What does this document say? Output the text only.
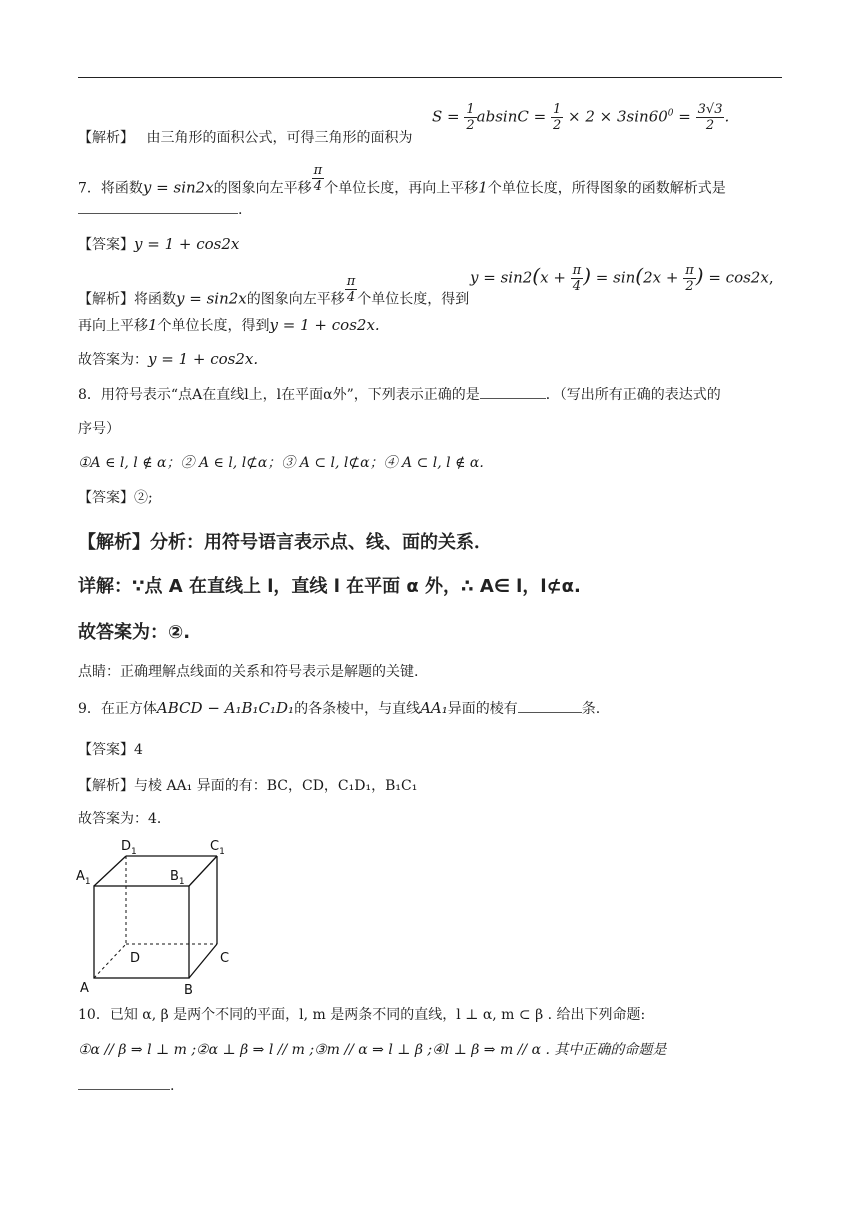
【解析】 由三角形的面积公式，可得三角形的面积为
$S = \frac{1}{2}$ $absinC = \frac{1}{2} \times 2 \times 3\sin 60^0 = \frac{3√3}{2}$ .
7．将函数y = sin2x的图象向左平移 $\frac{\pi}{4}$ 个单位长度，再向上平移1个单位长度，所得图象的函数解析式是
.
【答案】y = 1 + cos2x
【解析】将函数y = sin2x的图象向左平移 $\frac{\pi}{4}$ 个单位长度，得到
$y = \sin 2(x + \frac{\pi}{4}$ ) = $\sin(2x + \frac{\pi}{2}$ ) = cos2x,
再向上平移1个单位长度，得到y = 1 + cos2x.
故答案为：y = 1 + cos2x.
8．用符号表示“点A在直线l上，l在平面α外”，下列表示正确的是	．（写出所有正确的表达式的
序号）
①A ∈ l, l ∉ α；② A ∈ l, l⊄α；③ A ⊂ l, l⊄α；④ A ⊂ l, l ∉ α.
【答案】②;
【解析】分析：用符号语言表示点、线、面的关系．
详解：∵点 A 在直线上 l，直线 l 在平面 α 外，∴ A∈ l，l⊄α.
故答案为：②.
点睛：正确理解点线面的关系和符号表示是解题的关键.
9．在正方体ABCD − A₁B₁C₁D₁的各条棱中，与直线AA₁异面的棱有	条.
【答案】4
【解析】与棱 AA₁ 异面的有：BC，CD，C₁D₁，B₁C₁
故答案为：4．
$D_1$	$C_1$
$A_1$	$B_1$
D	C
A	B
10．已知 α, β 是两个不同的平面，l, m 是两条不同的直线，l ⊥ α, m ⊂ β . 给出下列命题:
①α // β ⇒ l ⊥ m ;②α ⊥ β ⇒ l // m ;③m // α ⇒ l ⊥ β ;④l ⊥ β ⇒ m // α . 其中正确的命题是
.
